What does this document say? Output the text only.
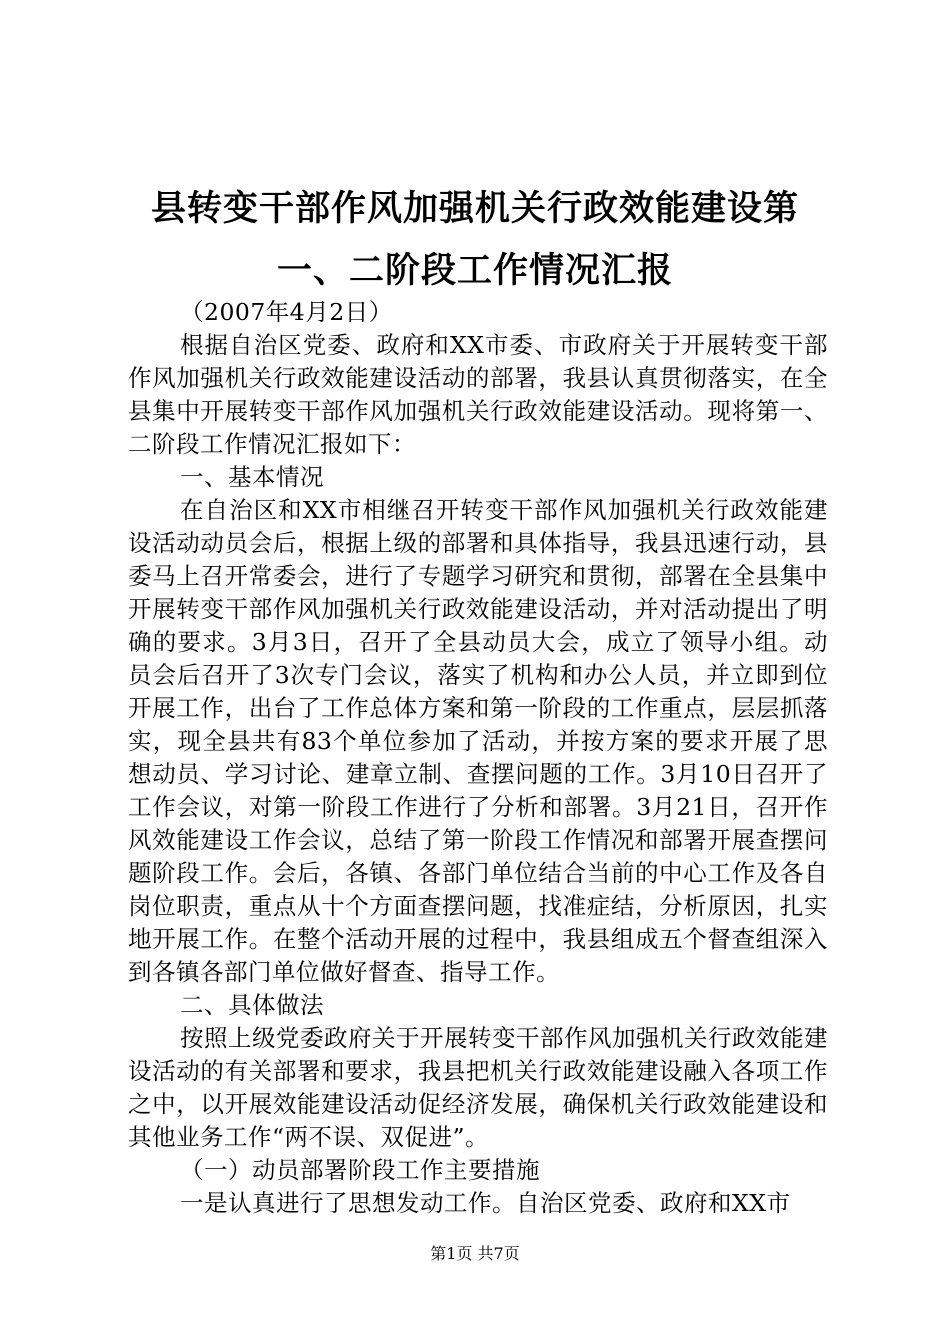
县转变干部作风加强机关行政效能建设第一、二阶段工作情况汇报

（2007年4月2日）

根据自治区党委、政府和XX市委、市政府关于开展转变干部作风加强机关行政效能建设活动的部署，我县认真贯彻落实，在全县集中开展转变干部作风加强机关行政效能建设活动。现将第一、二阶段工作情况汇报如下：

一、基本情况

在自治区和XX市相继召开转变干部作风加强机关行政效能建设活动动员会后，根据上级的部署和具体指导，我县迅速行动，县委马上召开常委会，进行了专题学习研究和贯彻，部署在全县集中开展转变干部作风加强机关行政效能建设活动，并对活动提出了明确的要求。3月3日，召开了全县动员大会，成立了领导小组。动员会后召开了3次专门会议，落实了机构和办公人员，并立即到位开展工作，出台了工作总体方案和第一阶段的工作重点，层层抓落实，现全县共有83个单位参加了活动，并按方案的要求开展了思想动员、学习讨论、建章立制、查摆问题的工作。3月10日召开了工作会议，对第一阶段工作进行了分析和部署。3月21日，召开作风效能建设工作会议，总结了第一阶段工作情况和部署开展查摆问题阶段工作。会后，各镇、各部门单位结合当前的中心工作及各自岗位职责，重点从十个方面查摆问题，找准症结，分析原因，扎实地开展工作。在整个活动开展的过程中，我县组成五个督查组深入到各镇各部门单位做好督查、指导工作。

二、具体做法

按照上级党委政府关于开展转变干部作风加强机关行政效能建设活动的有关部署和要求，我县把机关行政效能建设融入各项工作之中，以开展效能建设活动促经济发展，确保机关行政效能建设和其他业务工作“两不误、双促进”。

（一）动员部署阶段工作主要措施

一是认真进行了思想发动工作。自治区党委、政府和XX市

第1页 共7页
